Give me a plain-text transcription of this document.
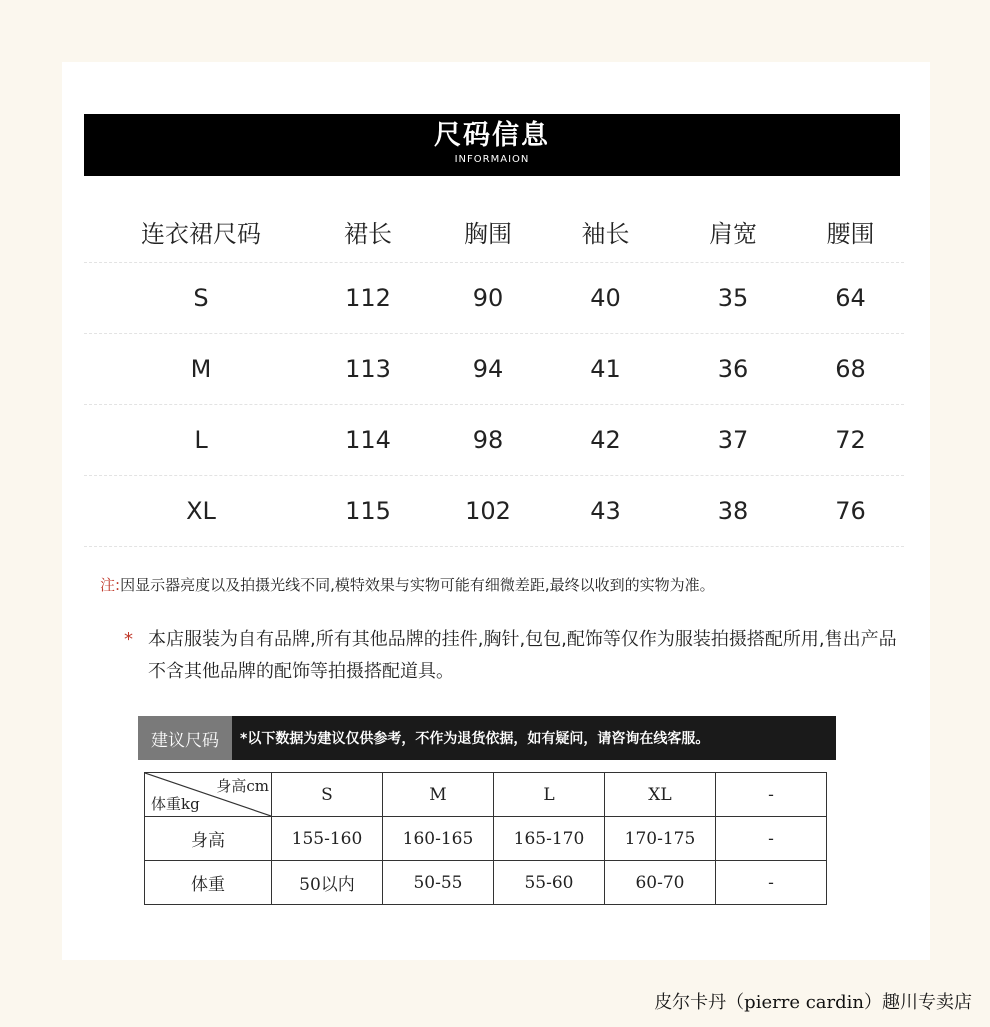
尺码信息
INFORMAION
连衣裙尺码	裙长	胸围	袖长	肩宽	腰围
S	112	90	40	35	64
M	113	94	41	36	68
L	114	98	42	37	72
XL	115	102	43	38	76
注:因显示器亮度以及拍摄光线不同,模特效果与实物可能有细微差距,最终以收到的实物为准。
* 本店服装为自有品牌,所有其他品牌的挂件,胸针,包包,配饰等仅作为服装拍摄搭配所用,售出产品不含其他品牌的配饰等拍摄搭配道具。
建议尺码	*以下数据为建议仅供参考，不作为退货依据，如有疑问，请咨询在线客服。
身高cm
体重kg	S	M	L	XL	-
身高	155-160	160-165	165-170	170-175	-
体重	50以内	50-55	55-60	60-70	-
皮尔卡丹（pierre cardin）趣川专卖店
